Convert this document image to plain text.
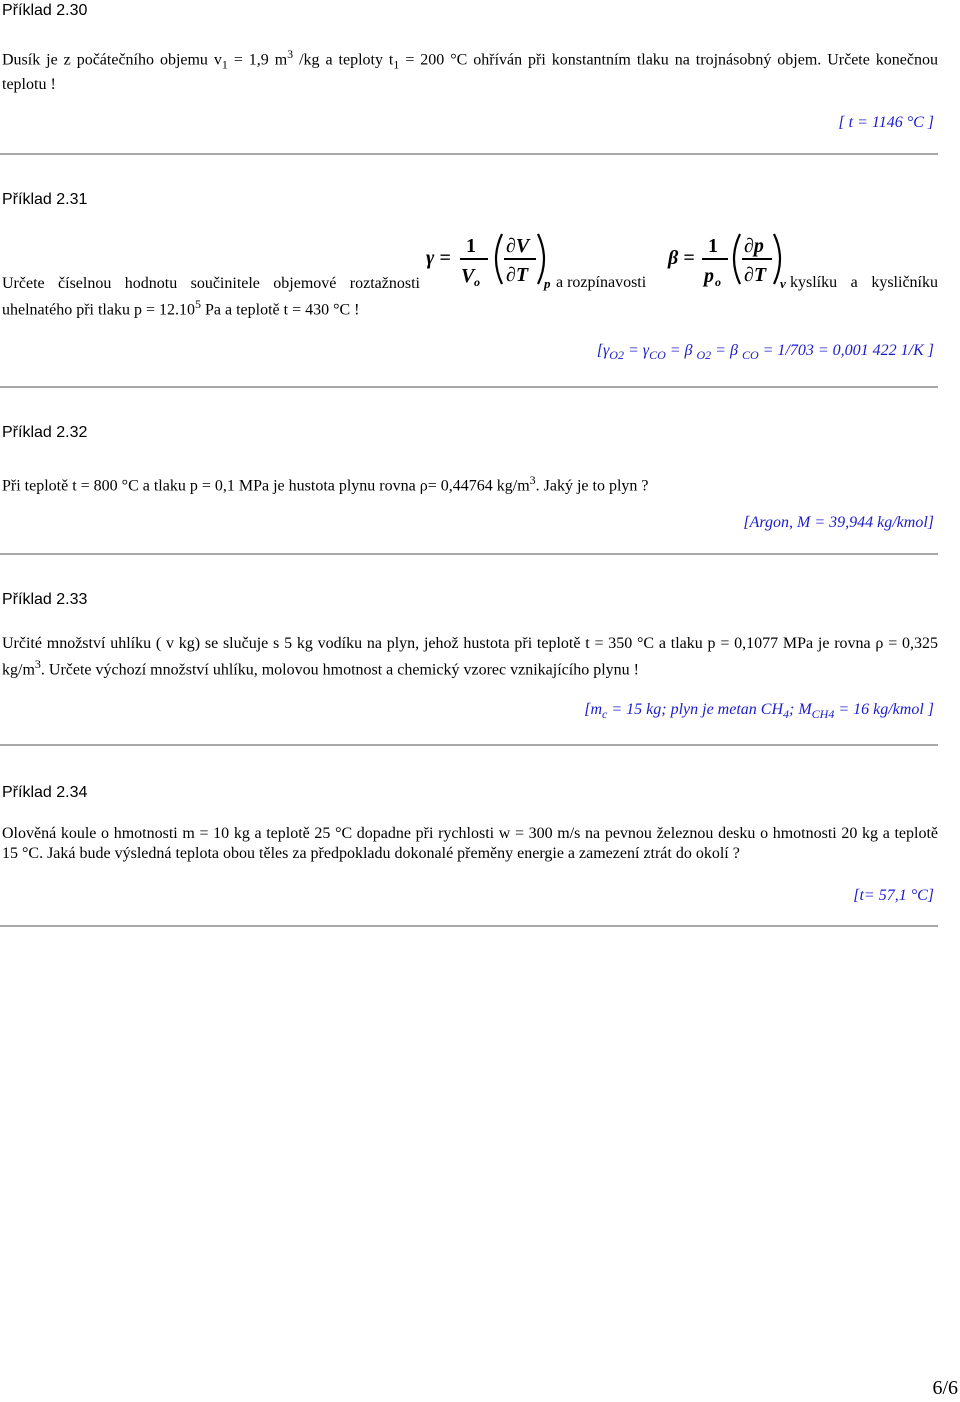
Příklad 2.30
Dusík je z počátečního objemu $v_1 = 1,9$ $m^3$ /kg a teploty $t_1 = 200$ °C ohříván při konstantním tlaku na trojnásobný objem. Určete konečnou teplotu !
[ t = 1146 °C ]
Příklad 2.31
Určete číselnou hodnotu součinitele objemové roztažnosti uhelnatého při tlaku $p = 12.10^5$ Pa a teplotě t = 430 °C !
γ =
1
V o
∂V
∂T p a rozpínavosti
β =
1
p o
∂p
∂T v kyslíku a kysličníku
[$\gamma_{O2} = \gamma_{CO} = \beta$ $_{O2}$ = β $_{CO}$ = 1/703 = 0,001 422 1/K ]
Příklad 2.32
Při teplotě t = 800 °C a tlaku p = 0,1 MPa je hustota plynu rovna ρ= 0,44764 $kg/m^3$. Jaký je to plyn ?
[Argon, M = 39,944 kg/kmol]
Příklad 2.33
Určité množství uhlíku ( v kg) se slučuje s 5 kg vodíku na plyn, jehož hustota při teplotě t = 350 °C a tlaku p = 0,1077 MPa je rovna ρ = 0,325 $kg/m^3$. Určete výchozí množství uhlíku, molovou hmotnost a chemický vzorec vznikajícího plynu !
[$m_c = 15$ kg; plyn je metan $CH_4$; $M_{CH4} = 16$ kg/kmol ]
Příklad 2.34
Olověná koule o hmotnosti m = 10 kg a teplotě 25 °C dopadne při rychlosti w = 300 m/s na pevnou železnou desku o hmotnosti 20 kg a teplotě 15 °C. Jaká bude výsledná teplota obou těles za předpokladu dokonalé přeměny energie a zamezení ztrát do okolí ?
[t= 57,1 °C]
6/6
